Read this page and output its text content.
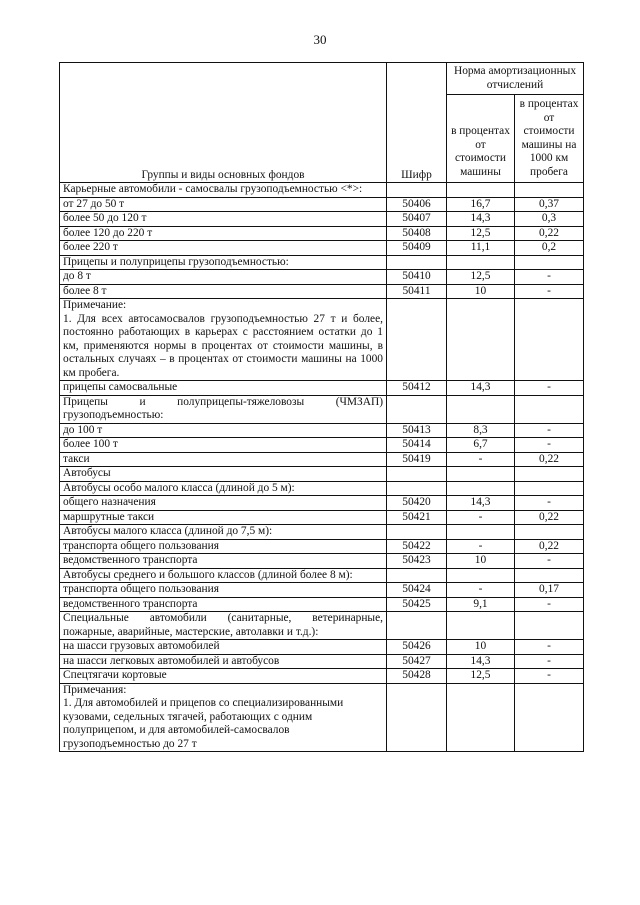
30
Группы и виды основных фондов	Шифр	Норма амортизационных отчислений	
		в процентах от стоимости машины	в процентах от стоимости машины на 1000 км пробега
Карьерные автомобили - самосвалы грузоподъемностью <*>:			
от 27 до 50 т	50406	16,7	0,37
более 50 до 120 т	50407	14,3	0,3
более 120 до 220 т	50408	12,5	0,22
более 220 т	50409	11,1	0,2
Прицепы и полуприцепы грузоподъемностью:			
до 8 т	50410	12,5	-
более 8 т	50411	10	-
Примечание:
1. Для всех автосамосвалов грузоподъемностью 27 т и более, постоянно работающих в карьерах с расстоянием остатки до 1 км, применяются нормы в процентах от стоимости машины, в остальных случаях – в процентах от стоимости машины на 1000 км пробега.			
прицепы самосвальные	50412	14,3	-
Прицепы и полуприцепы-тяжеловозы (ЧМЗАП) грузоподъемностью:			
до 100 т	50413	8,3	-
более 100 т	50414	6,7	-
такси	50419	-	0,22
Автобусы			
Автобусы особо малого класса (длиной до 5 м):			
общего назначения	50420	14,3	-
маршрутные такси	50421	-	0,22
Автобусы малого класса (длиной до 7,5 м):			
транспорта общего пользования	50422	-	0,22
ведомственного транспорта	50423	10	-
Автобусы среднего и большого классов (длиной более 8 м):			
транспорта общего пользования	50424	-	0,17
ведомственного транспорта	50425	9,1	-
Специальные автомобили (санитарные, ветеринарные, пожарные, аварийные, мастерские, автолавки и т.д.):			
на шасси грузовых автомобилей	50426	10	-
на шасси легковых автомобилей и автобусов	50427	14,3	-
Спецтягачи кортовые	50428	12,5	-
Примечания:
1. Для автомобилей и прицепов со специализированными кузовами, седельных тягачей, работающих с одним полуприцепом, и для автомобилей-самосвалов грузоподъемностью до 27 т			
